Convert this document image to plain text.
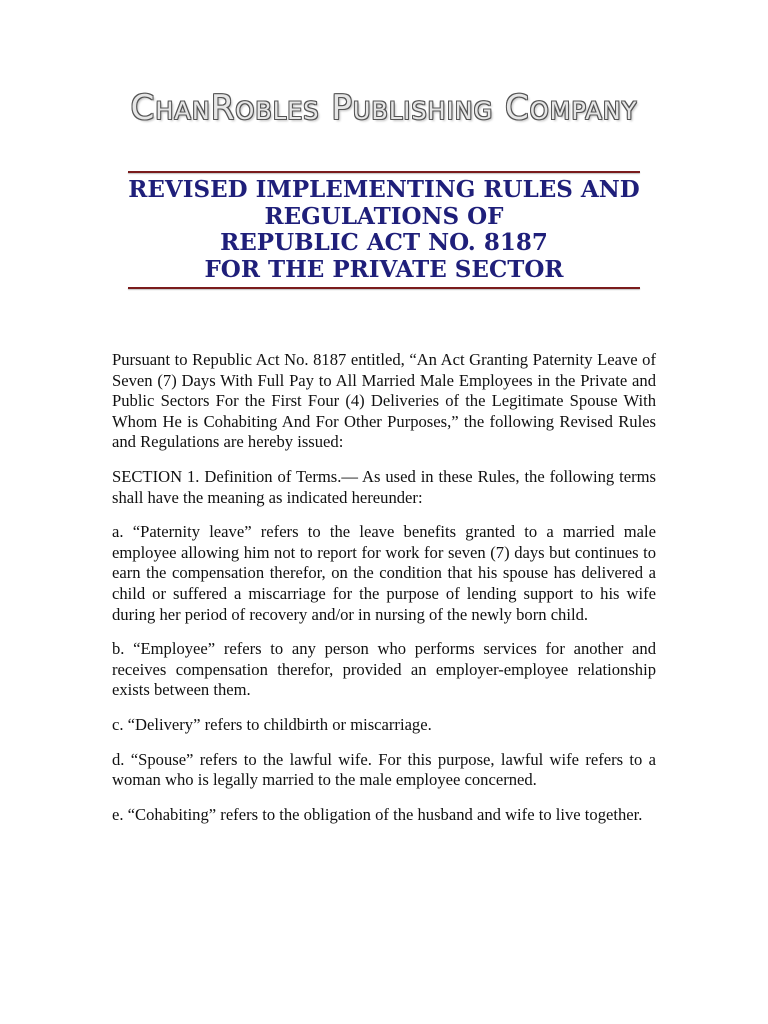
ChanRobles Publishing Company
REVISED IMPLEMENTING RULES AND
REGULATIONS OF
REPUBLIC ACT NO. 8187
FOR THE PRIVATE SECTOR

Pursuant to Republic Act No. 8187 entitled, “An Act Granting Paternity Leave of Seven (7) Days With Full Pay to All Married Male Employees in the Private and Public Sectors For the First Four (4) Deliveries of the Legitimate Spouse With Whom He is Cohabiting And For Other Purposes,” the following Revised Rules and Regulations are hereby issued:

SECTION 1. Definition of Terms.— As used in these Rules, the following terms shall have the meaning as indicated hereunder:

a. “Paternity leave” refers to the leave benefits granted to a married male employee allowing him not to report for work for seven (7) days but continues to earn the compensation therefor, on the condition that his spouse has delivered a child or suffered a miscarriage for the purpose of lending support to his wife during her period of recovery and/or in nursing of the newly born child.

b. “Employee” refers to any person who performs services for another and receives compensation therefor, provided an employer-employee relationship exists between them.

c. “Delivery” refers to childbirth or miscarriage.

d. “Spouse” refers to the lawful wife. For this purpose, lawful wife refers to a woman who is legally married to the male employee concerned.

e. “Cohabiting” refers to the obligation of the husband and wife to live together.
